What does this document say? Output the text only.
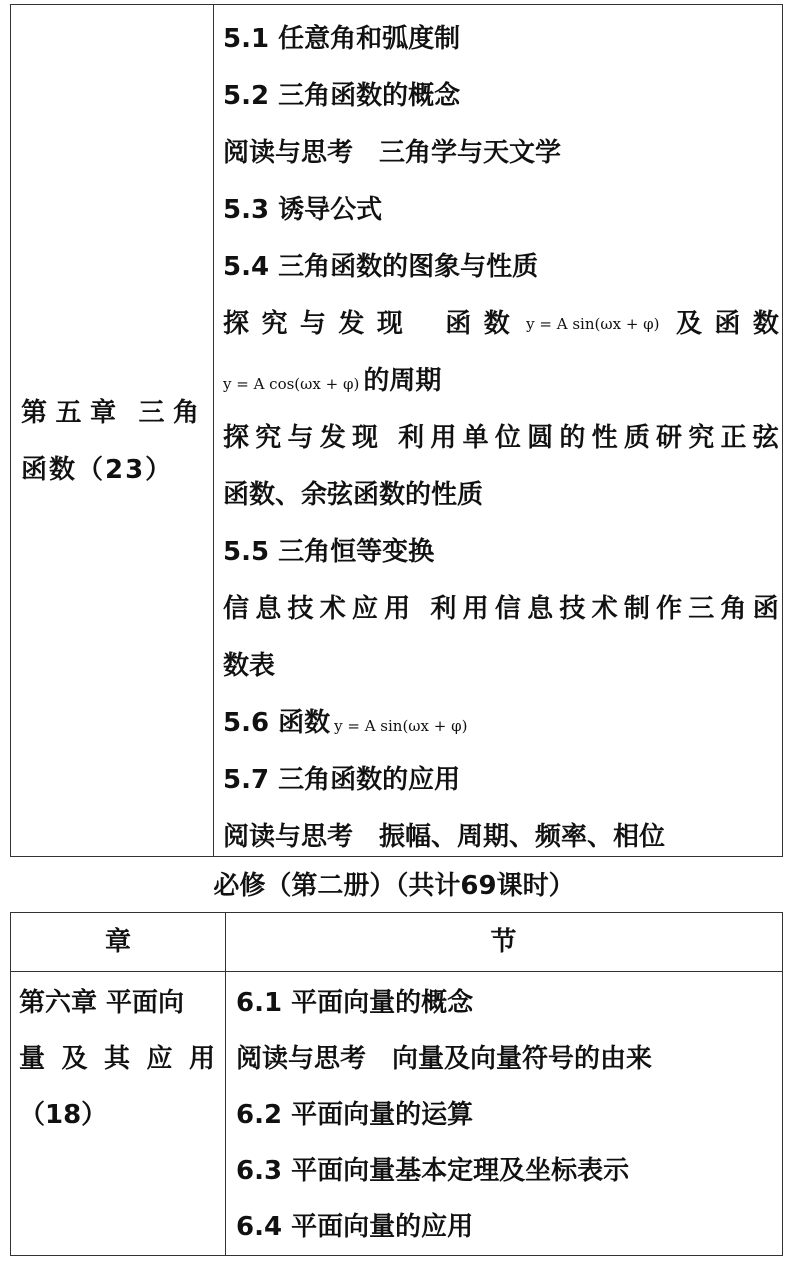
第 五 章 三 角
函数（23）
5.1 任意角和弧度制
5.2 三角函数的概念
阅读与思考　三角学与天文学
5.3 诱导公式
5.4 三角函数的图象与性质
探 究 与 发 现 函 数 y = A sin(ωx + φ) 及 函 数
y = A cos(ωx + φ) 的周期
探 究 与 发 现 利 用 单 位 圆 的 性 质 研 究 正 弦
函数、余弦函数的性质
5.5 三角恒等变换
信 息 技 术 应 用 利 用 信 息 技 术 制 作 三 角 函
数表
5.6 函数 y = A sin(ωx + φ)
5.7 三角函数的应用
阅读与思考　振幅、周期、频率、相位
必修（第二册）（共计69课时）
章	节
第六章 平面向
量 及 其 应 用
（18）
6.1 平面向量的概念
阅读与思考　向量及向量符号的由来
6.2 平面向量的运算
6.3 平面向量基本定理及坐标表示
6.4 平面向量的应用
